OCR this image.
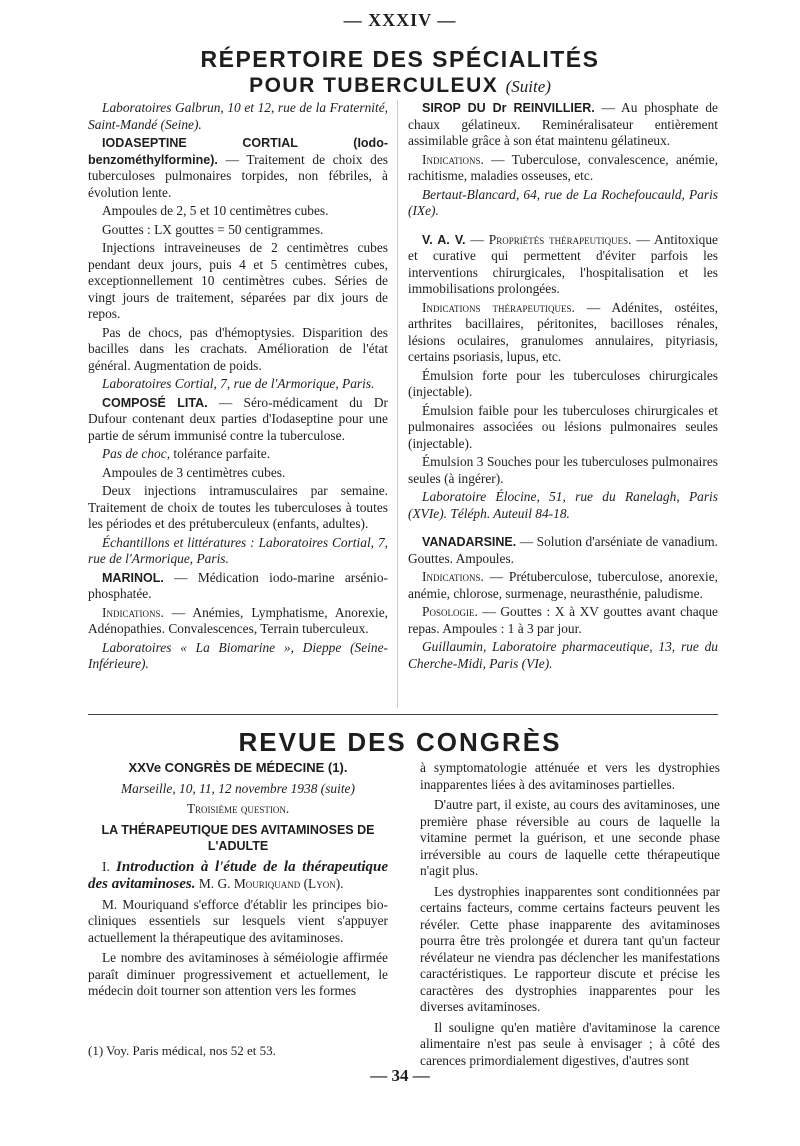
— XXXIV —
RÉPERTOIRE DES SPÉCIALITÉS
POUR TUBERCULEUX (Suite)

Laboratoires Galbrun, 10 et 12, rue de la Fraternité, Saint-Mandé (Seine).

IODASEPTINE CORTIAL (Iodo-benzométhylformine). — Traitement de choix des tuberculoses pulmonaires torpides, non fébriles, à évolution lente.

Ampoules de 2, 5 et 10 centimètres cubes.

Gouttes : LX gouttes = 50 centigrammes.

Injections intraveineuses de 2 centimètres cubes pendant deux jours, puis 4 et 5 centimètres cubes, exceptionnellement 10 centimètres cubes. Séries de vingt jours de traitement, séparées par dix jours de repos.

Pas de chocs, pas d'hémoptysies. Disparition des bacilles dans les crachats. Amélioration de l'état général. Augmentation de poids.

Laboratoires Cortial, 7, rue de l'Armorique, Paris.

COMPOSÉ LITA. — Séro-médicament du Dr Dufour contenant deux parties d'Iodaseptine pour une partie de sérum immunisé contre la tuberculose.

Pas de choc, tolérance parfaite.

Ampoules de 3 centimètres cubes.

Deux injections intramusculaires par semaine. Traitement de choix de toutes les tuberculoses à toutes les périodes et des prétuberculeux (enfants, adultes).

Échantillons et littératures : Laboratoires Cortial, 7, rue de l'Armorique, Paris.

MARINOL. — Médication iodo-marine arsénio-phosphatée.

Indications. — Anémies, Lymphatisme, Anorexie, Adénopathies. Convalescences, Terrain tuberculeux.

Laboratoires « La Biomarine », Dieppe (Seine-Inférieure).

SIROP DU Dr REINVILLIER. — Au phosphate de chaux gélatineux. Reminéralisateur entièrement assimilable grâce à son état maintenu gélatineux.

Indications. — Tuberculose, convalescence, anémie, rachitisme, maladies osseuses, etc.

Bertaut-Blancard, 64, rue de La Rochefoucauld, Paris (IXe).

V. A. V. — Propriétés thérapeutiques. — Antitoxique et curative qui permettent d'éviter parfois les interventions chirurgicales, l'hospitalisation et les immobilisations prolongées.

Indications thérapeutiques. — Adénites, ostéites, arthrites bacillaires, péritonites, bacilloses rénales, lésions oculaires, granulomes annulaires, pityriasis, certains psoriasis, lupus, etc.

Émulsion forte pour les tuberculoses chirurgicales (injectable).

Émulsion faible pour les tuberculoses chirurgicales et pulmonaires associées ou lésions pulmonaires seules (injectable).

Émulsion 3 Souches pour les tuberculoses pulmonaires seules (à ingérer).

Laboratoire Élocine, 51, rue du Ranelagh, Paris (XVIe). Téléph. Auteuil 84-18.

VANADARSINE. — Solution d'arséniate de vanadium. Gouttes. Ampoules.

Indications. — Prétuberculose, tuberculose, anorexie, anémie, chlorose, surmenage, neurasthénie, paludisme.

Posologie. — Gouttes : X à XV gouttes avant chaque repas. Ampoules : 1 à 3 par jour.

Guillaumin, Laboratoire pharmaceutique, 13, rue du Cherche-Midi, Paris (VIe).

REVUE DES CONGRÈS

XXVe CONGRÈS DE MÉDECINE (1).

Marseille, 10, 11, 12 novembre 1938 (suite)

Troisième question.

LA THÉRAPEUTIQUE DES AVITAMINOSES DE L'ADULTE

I. Introduction à l'étude de la thérapeutique des avitaminoses. M. G. Mouriquand (Lyon).

M. Mouriquand s'efforce d'établir les principes bio-cliniques essentiels sur lesquels vient s'appuyer actuellement la thérapeutique des avitaminoses.

Le nombre des avitaminoses à séméiologie affirmée paraît diminuer progressivement et actuellement, le médecin doit tourner son attention vers les formes

à symptomatologie atténuée et vers les dystrophies inapparentes liées à des avitaminoses partielles.

D'autre part, il existe, au cours des avitaminoses, une première phase réversible au cours de laquelle la vitamine permet la guérison, et une seconde phase irréversible au cours de laquelle cette thérapeutique n'agit plus.

Les dystrophies inapparentes sont conditionnées par certains facteurs, comme certains facteurs peuvent les révéler. Cette phase inapparente des avitaminoses pourra être très prolongée et durera tant qu'un facteur révélateur ne viendra pas déclencher les manifestations caractéristiques. Le rapporteur discute et précise les caractères des dystrophies inapparentes pour les diverses avitaminoses.

Il souligne qu'en matière d'avitaminose la carence alimentaire n'est pas seule à envisager ; à côté des carences primordialement digestives, d'autres sont

(1) Voy. Paris médical, nos 52 et 53.
— 34 —
